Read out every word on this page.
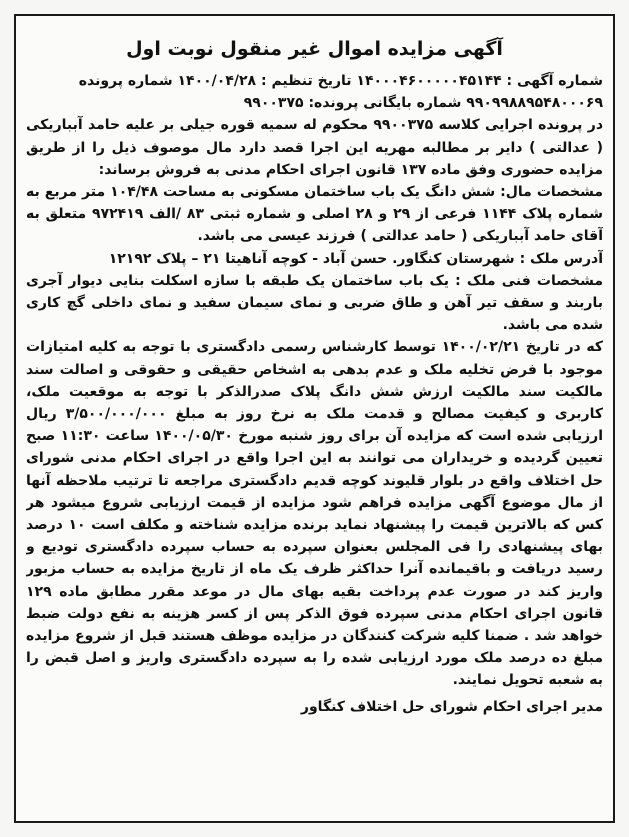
آگهی مزایده اموال غیر منقول نوبت اول

شماره آگهی : ۱۴۰۰۰۴۶۰۰۰۰۰۴۵۱۴۴ تاریخ تنظیم : ۱۴۰۰/۰۴/۲۸ شماره پرونده

۹۹۰۹۹۸۸۹۵۴۸۰۰۰۶۹ شماره بایگانی پرونده: ۹۹۰۰۳۷۵

در پرونده اجرایی کلاسه ۹۹۰۰۳۷۵ محکوم له سمیه قوره جیلی بر علیه حامد آبباریکی ( عدالتی ) دایر بر مطالبه مهریه این اجرا قصد دارد مال موصوف ذیل را از طریق مزایده حضوری وفق ماده ۱۳۷ قانون اجرای احکام مدنی به فروش برساند:

مشخصات مال: شش دانگ یک باب ساختمان مسکونی به مساحت ۱۰۴/۴۸ متر مربع به شماره پلاک ۱۱۴۴ فرعی از ۲۹ و ۲۸ اصلی و شماره ثبتی ۸۳ /الف ۹۷۲۴۱۹ متعلق به آقای حامد آبباریکی ( حامد عدالتی ) فرزند عیسی می باشد.

آدرس ملک : شهرستان کنگاور. حسن آباد - کوچه آناهیتا ۲۱ – پلاک ۱۲۱۹۲

مشخصات فنی ملک : یک باب ساختمان یک طبقه با سازه اسکلت بنایی دیوار آجری باربند و سقف تیر آهن و طاق ضربی و نمای سیمان سفید و نمای داخلی گچ کاری شده می باشد.

که در تاریخ ۱۴۰۰/۰۲/۲۱ توسط کارشناس رسمی دادگستری با توجه به کلیه امتیازات موجود با فرض تخلیه ملک و عدم بدهی به اشخاص حقیقی و حقوقی و اصالت سند مالکیت سند مالکیت ارزش شش دانگ پلاک صدرالذکر با توجه به موقعیت ملک، کاربری و کیفیت مصالح و قدمت ملک به نرخ روز به مبلغ ۳/۵۰۰/۰۰۰/۰۰۰ ریال ارزیابی شده است که مزایده آن برای روز شنبه مورخ ۱۴۰۰/۰۵/۳۰ ساعت ۱۱:۳۰ صبح تعیین گردیده و خریداران می توانند به این اجرا واقع در اجرای احکام مدنی شورای حل اختلاف واقع در بلوار قلیوند کوچه قدیم دادگستری مراجعه تا ترتیب ملاحظه آنها از مال موضوع آگهی مزایده فراهم شود مزایده از قیمت ارزیابی شروع میشود هر کس که بالاترین قیمت را پیشنهاد نماید برنده مزایده شناخته و مکلف است ۱۰ درصد بهای پیشنهادی را فی المجلس بعنوان سپرده به حساب سپرده دادگستری تودیع و رسید دریافت و باقیمانده آنرا حداکثر ظرف یک ماه از تاریخ مزایده به حساب مزبور واریز کند در صورت عدم پرداخت بقیه بهای مال در موعد مقرر مطابق ماده ۱۲۹ قانون اجرای احکام مدنی سپرده فوق الذکر پس از کسر هزینه به نفع دولت ضبط خواهد شد . ضمنا کلیه شرکت کنندگان در مزایده موظف هستند قبل از شروع مزایده مبلغ ده درصد ملک مورد ارزیابی شده را به سپرده دادگستری واریز و اصل قبض را به شعبه تحویل نمایند.

مدیر اجرای احکام شورای حل اختلاف کنگاور
